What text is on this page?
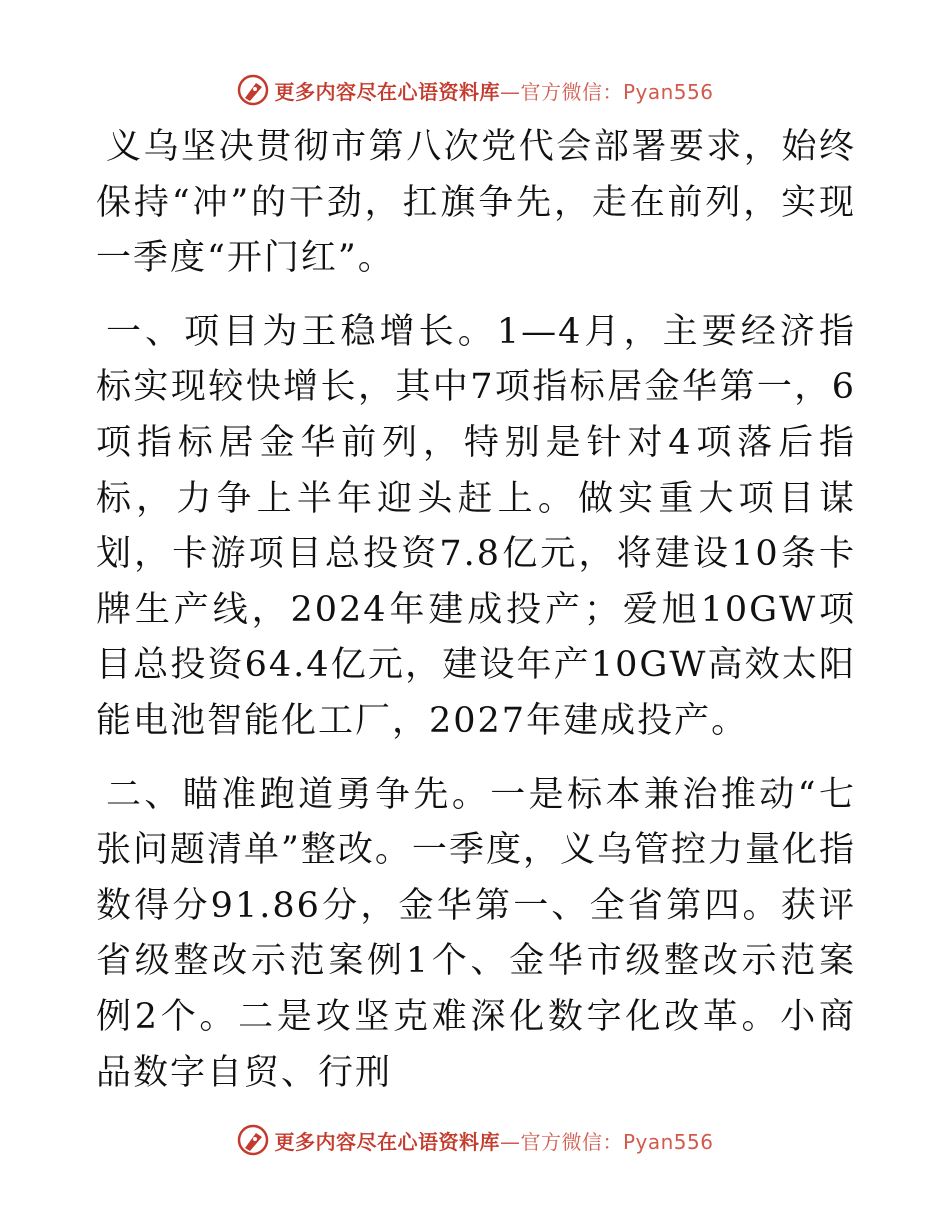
更多内容尽在心语资料库—官方微信：Pyan556

义乌坚决贯彻市第八次党代会部署要求，始终保持“冲”的干劲，扛旗争先，走在前列，实现一季度“开门红”。

一、项目为王稳增长。1—4月，主要经济指标实现较快增长，其中7项指标居金华第一，6项指标居金华前列，特别是针对4项落后指标，力争上半年迎头赶上。做实重大项目谋划，卡游项目总投资7.8亿元，将建设10条卡牌生产线，2024年建成投产；爱旭10GW项目总投资64.4亿元，建设年产10GW高效太阳能电池智能化工厂，2027年建成投产。

二、瞄准跑道勇争先。一是标本兼治推动“七张问题清单”整改。一季度，义乌管控力量化指数得分91.86分，金华第一、全省第四。获评省级整改示范案例1个、金华市级整改示范案例2个。二是攻坚克难深化数字化改革。小商品数字自贸、行刑

更多内容尽在心语资料库—官方微信：Pyan556
